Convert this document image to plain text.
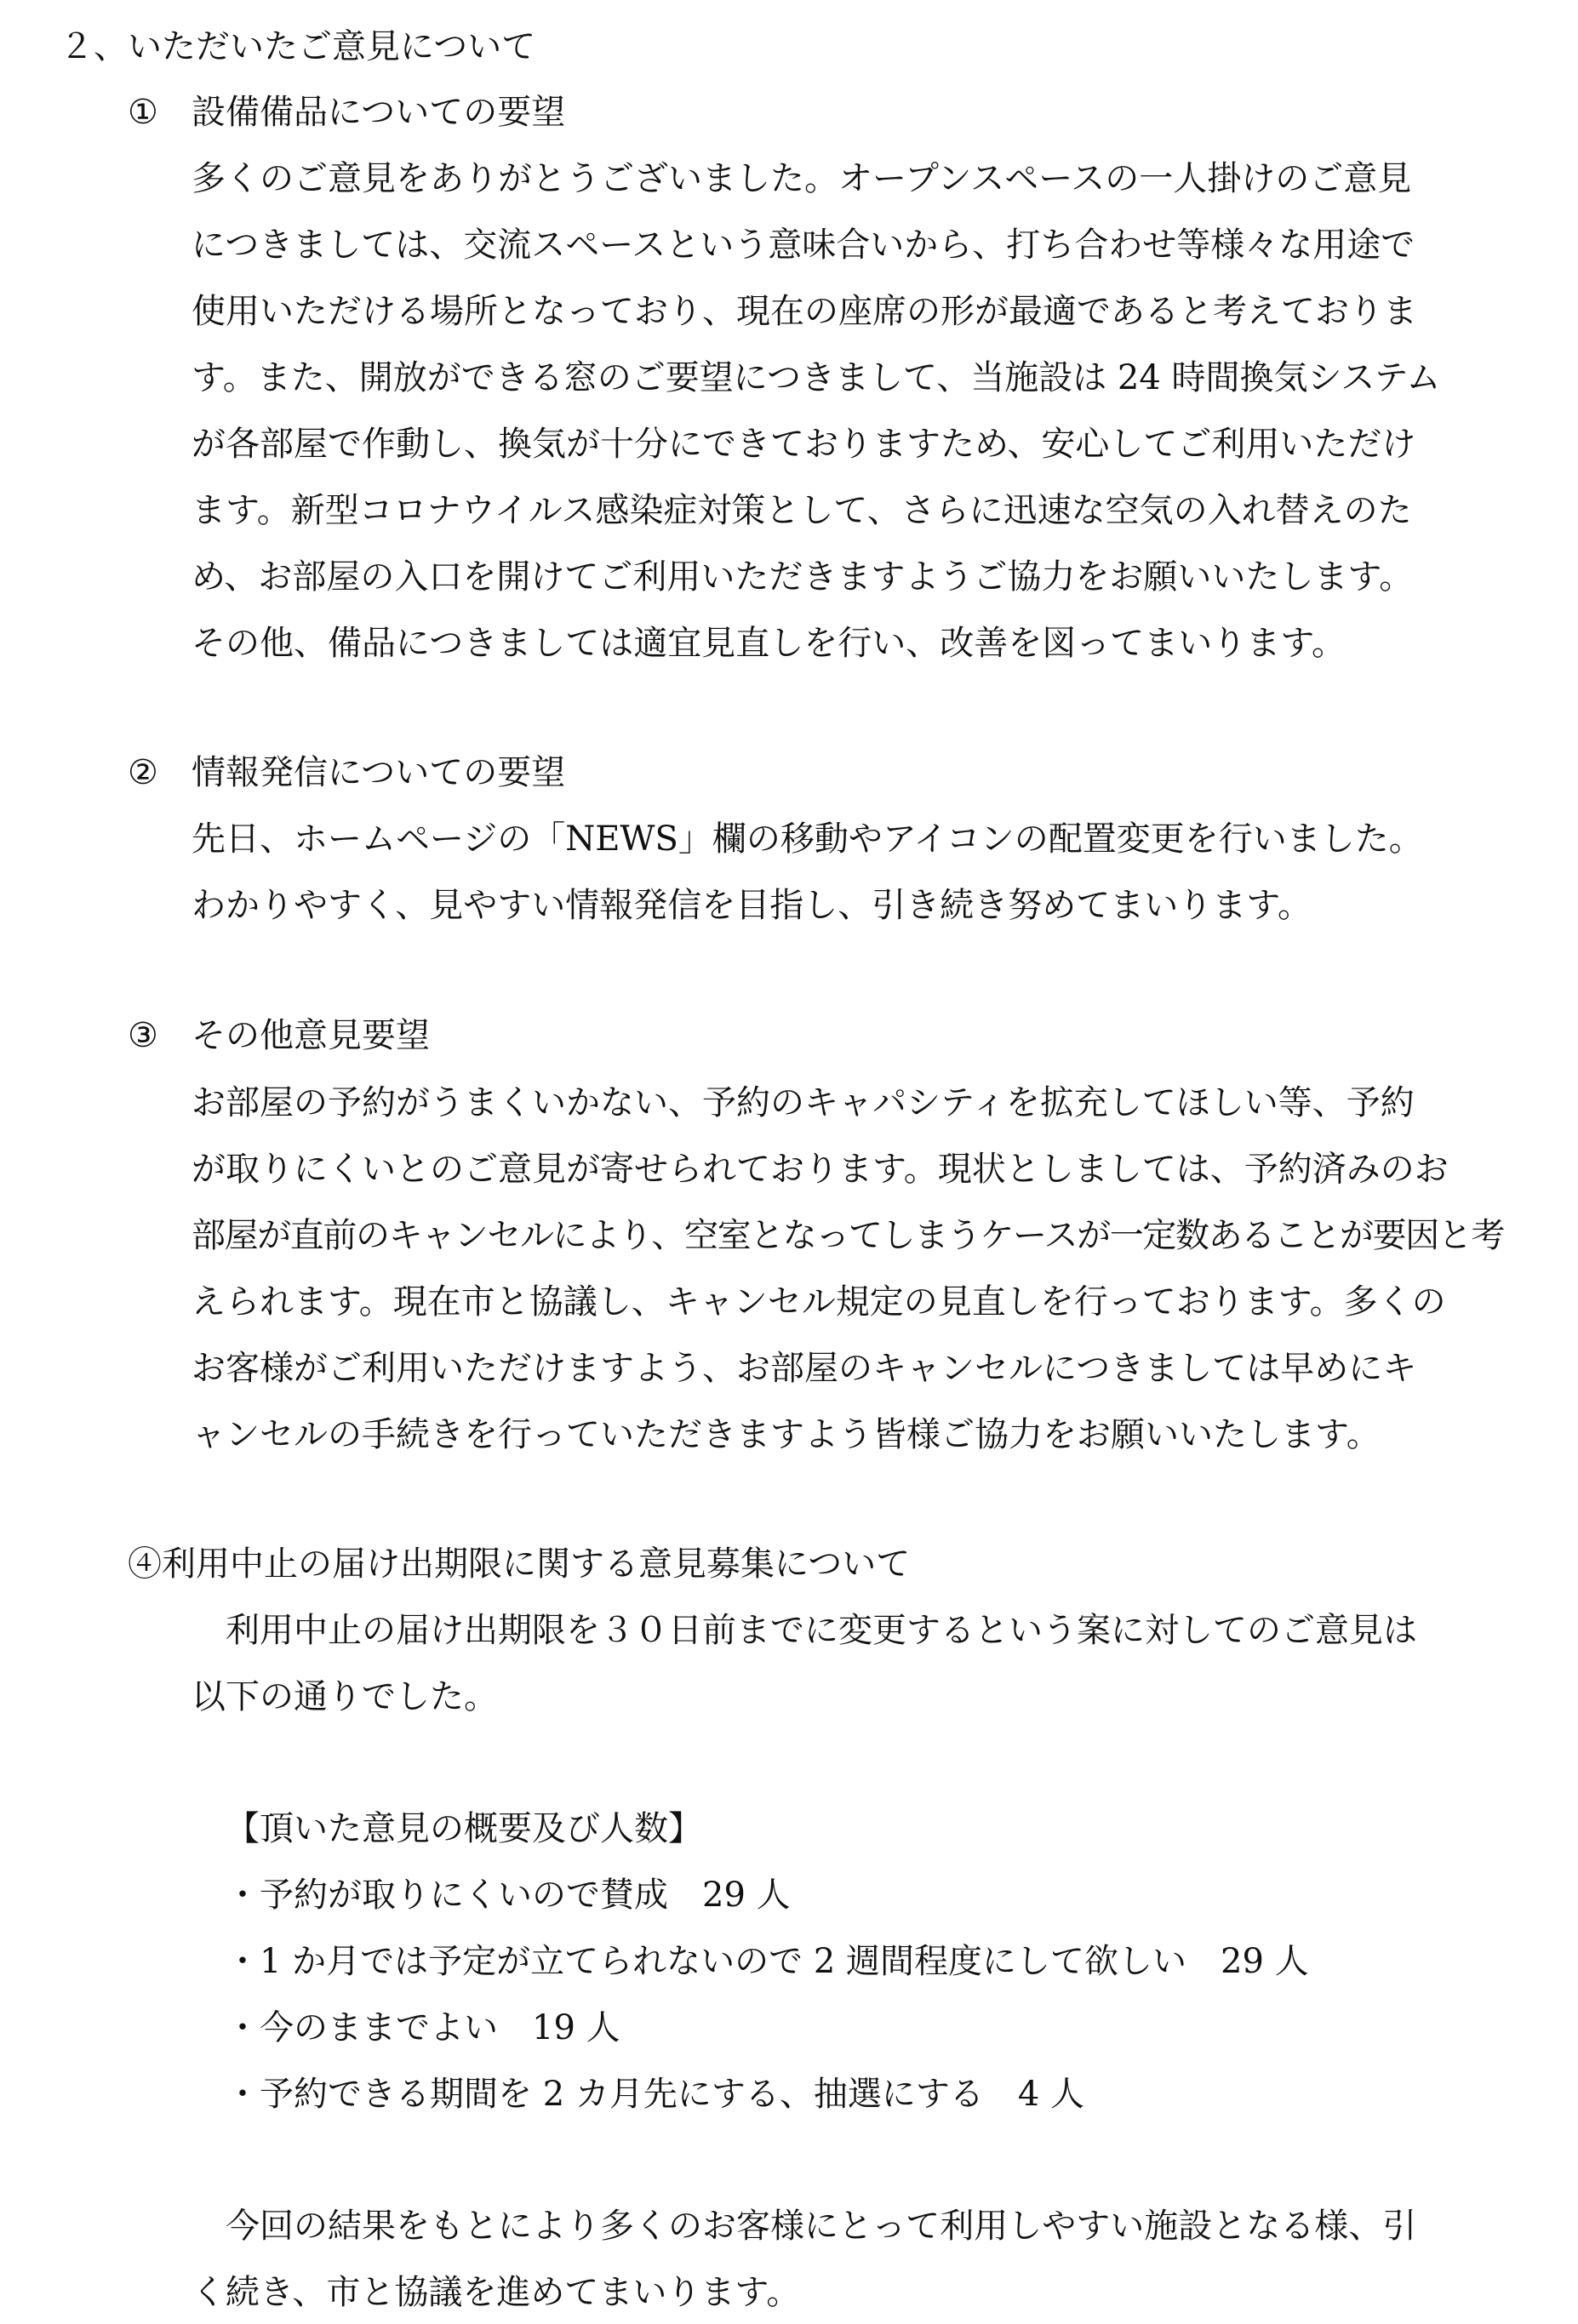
２、いただいたご意見について

① 設備備品についての要望

多くのご意見をありがとうございました。オープンスペースの一人掛けのご意見

につきましては、交流スペースという意味合いから、打ち合わせ等様々な用途で

使用いただける場所となっており、現在の座席の形が最適であると考えておりま

す。また、開放ができる窓のご要望につきまして、当施設は 24 時間換気システム

が各部屋で作動し、換気が十分にできておりますため、安心してご利用いただけ

ます。新型コロナウイルス感染症対策として、さらに迅速な空気の入れ替えのた

め、お部屋の入口を開けてご利用いただきますようご協力をお願いいたします。

その他、備品につきましては適宜見直しを行い、改善を図ってまいります。

② 情報発信についての要望

先日、ホームページの「NEWS」欄の移動やアイコンの配置変更を行いました。

わかりやすく、見やすい情報発信を目指し、引き続き努めてまいります。

③ その他意見要望

お部屋の予約がうまくいかない、予約のキャパシティを拡充してほしい等、予約

が取りにくいとのご意見が寄せられております。現状としましては、予約済みのお

部屋が直前のキャンセルにより、空室となってしまうケースが一定数あることが要因と考

えられます。現在市と協議し、キャンセル規定の見直しを行っております。多くの

お客様がご利用いただけますよう、お部屋のキャンセルにつきましては早めにキ

ャンセルの手続きを行っていただきますよう皆様ご協力をお願いいたします。

④利用中止の届け出期限に関する意見募集について

　利用中止の届け出期限を３０日前までに変更するという案に対してのご意見は

以下の通りでした。

【頂いた意見の概要及び人数】

・予約が取りにくいので賛成　29 人

・1 か月では予定が立てられないので 2 週間程度にして欲しい　29 人

・今のままでよい　19 人

・予約できる期間を 2 カ月先にする、抽選にする　4 人

　今回の結果をもとにより多くのお客様にとって利用しやすい施設となる様、引

く続き、市と協議を進めてまいります。
